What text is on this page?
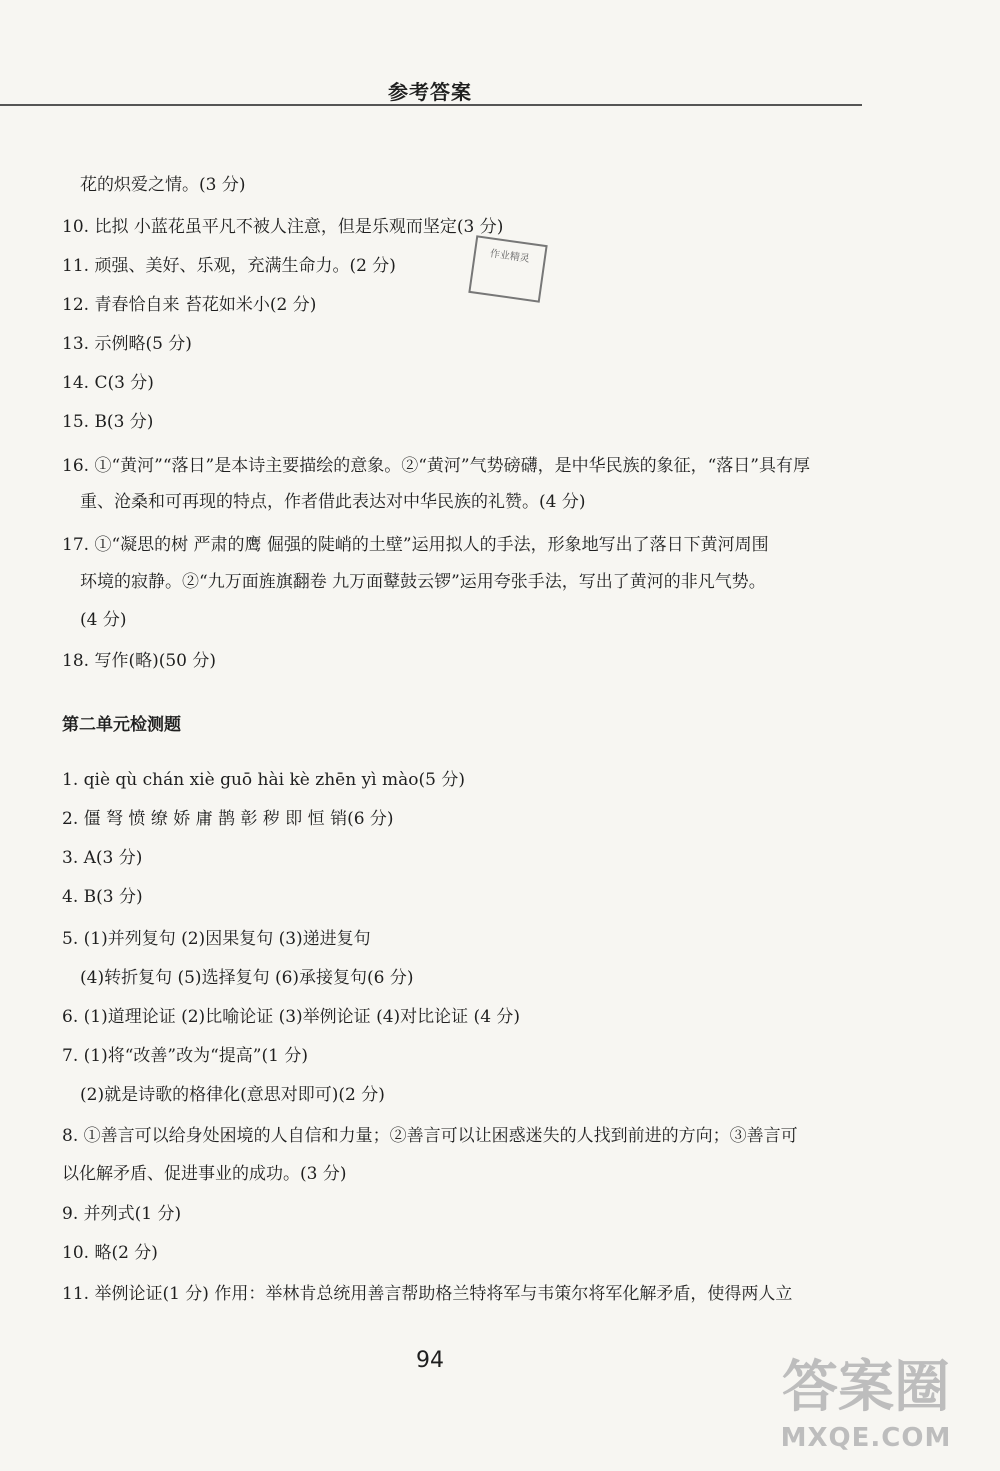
参考答案
作业精灵
花的炽爱之情。(3 分)
10. 比拟 小蓝花虽平凡不被人注意，但是乐观而坚定(3 分)
11. 顽强、美好、乐观，充满生命力。(2 分)
12. 青春恰自来 苔花如米小(2 分)
13. 示例略(5 分)
14. C(3 分)
15. B(3 分)
16. ①“黄河”“落日”是本诗主要描绘的意象。②“黄河”气势磅礴，是中华民族的象征，“落日”具有厚
重、沧桑和可再现的特点，作者借此表达对中华民族的礼赞。(4 分)
17. ①“凝思的树 严肃的鹰 倔强的陡峭的土壁”运用拟人的手法，形象地写出了落日下黄河周围
环境的寂静。②“九万面旌旗翻卷 九万面鼙鼓云锣”运用夸张手法，写出了黄河的非凡气势。
(4 分)
18. 写作(略)(50 分)
第二单元检测题
1. qiè qù chán xiè guō hài kè zhēn yì mào(5 分)
2. 僵 弩 愤 缭 娇 庸 鹊 彰 秽 即 恒 销(6 分)
3. A(3 分)
4. B(3 分)
5. (1)并列复句 (2)因果复句 (3)递进复句
(4)转折复句 (5)选择复句 (6)承接复句(6 分)
6. (1)道理论证 (2)比喻论证 (3)举例论证 (4)对比论证 (4 分)
7. (1)将“改善”改为“提高”(1 分)
(2)就是诗歌的格律化(意思对即可)(2 分)
8. ①善言可以给身处困境的人自信和力量；②善言可以让困惑迷失的人找到前进的方向；③善言可
以化解矛盾、促进事业的成功。(3 分)
9. 并列式(1 分)
10. 略(2 分)
11. 举例论证(1 分) 作用：举林肯总统用善言帮助格兰特将军与韦策尔将军化解矛盾，使得两人立
94	答案圈
MXQE.COM
